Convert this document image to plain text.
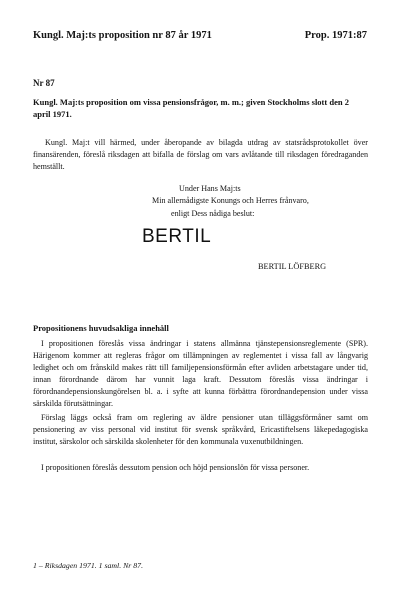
Kungl. Maj:ts proposition nr 87 år 1971	Prop. 1971:87
Nr 87
Kungl. Maj:ts proposition om vissa pensionsfrågor, m. m.; given Stockholms slott den 2 april 1971.

Kungl. Maj:t vill härmed, under åberopande av bilagda utdrag av statsrådsprotokollet över finansärenden, föreslå riksdagen att bifalla de förslag om vars avlåtande till riksdagen föredraganden hemställt.

Under Hans Maj:ts
Min allernådigste Konungs och Herres frånvaro,
enligt Dess nådiga beslut:
BERTIL
BERTIL LÖFBERG
Propositionens huvudsakliga innehåll

I propositionen föreslås vissa ändringar i statens allmänna tjänstepensionsreglemente (SPR). Härigenom kommer att regleras frågor om tillämpningen av reglementet i vissa fall av långvarig ledighet och om frånskild makes rätt till familjepensionsförmån efter avliden arbetstagare under tid, innan förordnande därom har vunnit laga kraft. Dessutom föreslås vissa ändringar i förordnandepensionskungörelsen bl. a. i syfte att kunna förbättra förordnandepension under vissa särskilda förutsättningar.

Förslag läggs också fram om reglering av äldre pensioner utan tilläggsförmåner samt om pensionering av viss personal vid institut för svensk språkvård, Ericastiftelsens läkepedagogiska institut, särskolor och särskilda skolenheter för den kommunala vuxenutbildningen.

I propositionen föreslås dessutom pension och höjd pensionslön för vissa personer.

1 – Riksdagen 1971. 1 saml. Nr 87.
